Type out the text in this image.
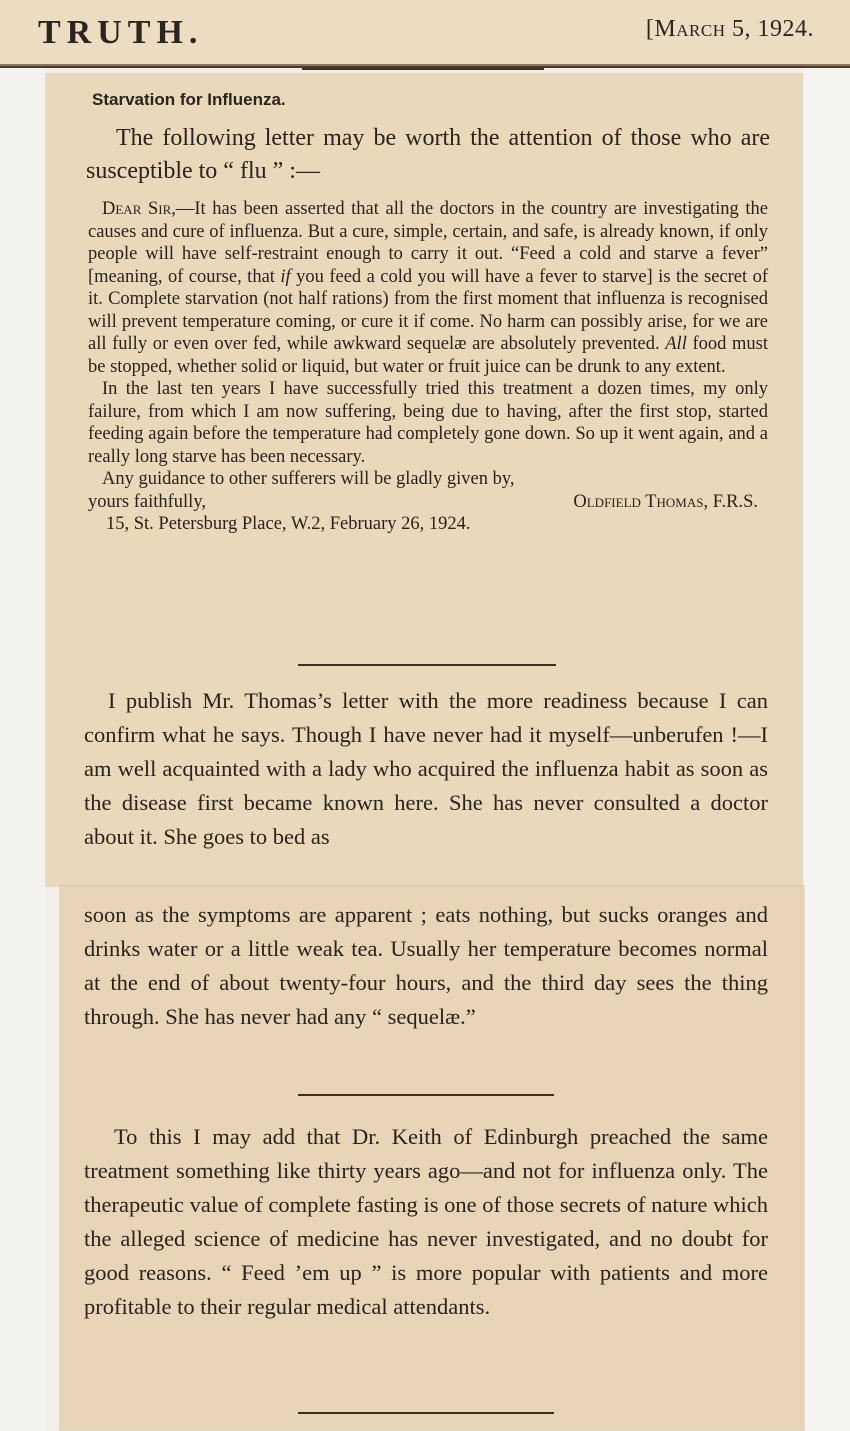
TRUTH.	[March 5, 1924.
Starvation for Influenza.

The following letter may be worth the attention of those who are susceptible to “ flu ” :—

Dear Sir,—It has been asserted that all the doctors in the country are investigating the causes and cure of influenza. But a cure, simple, certain, and safe, is already known, if only people will have self-restraint enough to carry it out. “Feed a cold and starve a fever” [meaning, of course, that if you feed a cold you will have a fever to starve] is the secret of it. Complete starvation (not half rations) from the first moment that influenza is recognised will prevent temperature coming, or cure it if come. No harm can possibly arise, for we are all fully or even over fed, while awkward sequelæ are absolutely prevented. All food must be stopped, whether solid or liquid, but water or fruit juice can be drunk to any extent.

In the last ten years I have successfully tried this treatment a dozen times, my only failure, from which I am now suffering, being due to having, after the first stop, started feeding again before the temperature had completely gone down. So up it went again, and a really long starve has been necessary.

Any guidance to other sufferers will be gladly given by,

yours faithfully,	Oldfield Thomas, F.R.S.

15, St. Petersburg Place, W.2, February 26, 1924.

I publish Mr. Thomas’s letter with the more readiness because I can confirm what he says. Though I have never had it myself—unberufen !—I am well acquainted with a lady who acquired the influenza habit as soon as the disease first became known here. She has never consulted a doctor about it. She goes to bed as

soon as the symptoms are apparent ; eats nothing, but sucks oranges and drinks water or a little weak tea. Usually her temperature becomes normal at the end of about twenty-four hours, and the third day sees the thing through. She has never had any “ sequelæ.”

To this I may add that Dr. Keith of Edinburgh preached the same treatment something like thirty years ago—and not for influenza only. The therapeutic value of complete fasting is one of those secrets of nature which the alleged science of medicine has never investigated, and no doubt for good reasons. “ Feed ’em up ” is more popular with patients and more profitable to their regular medical attendants.
